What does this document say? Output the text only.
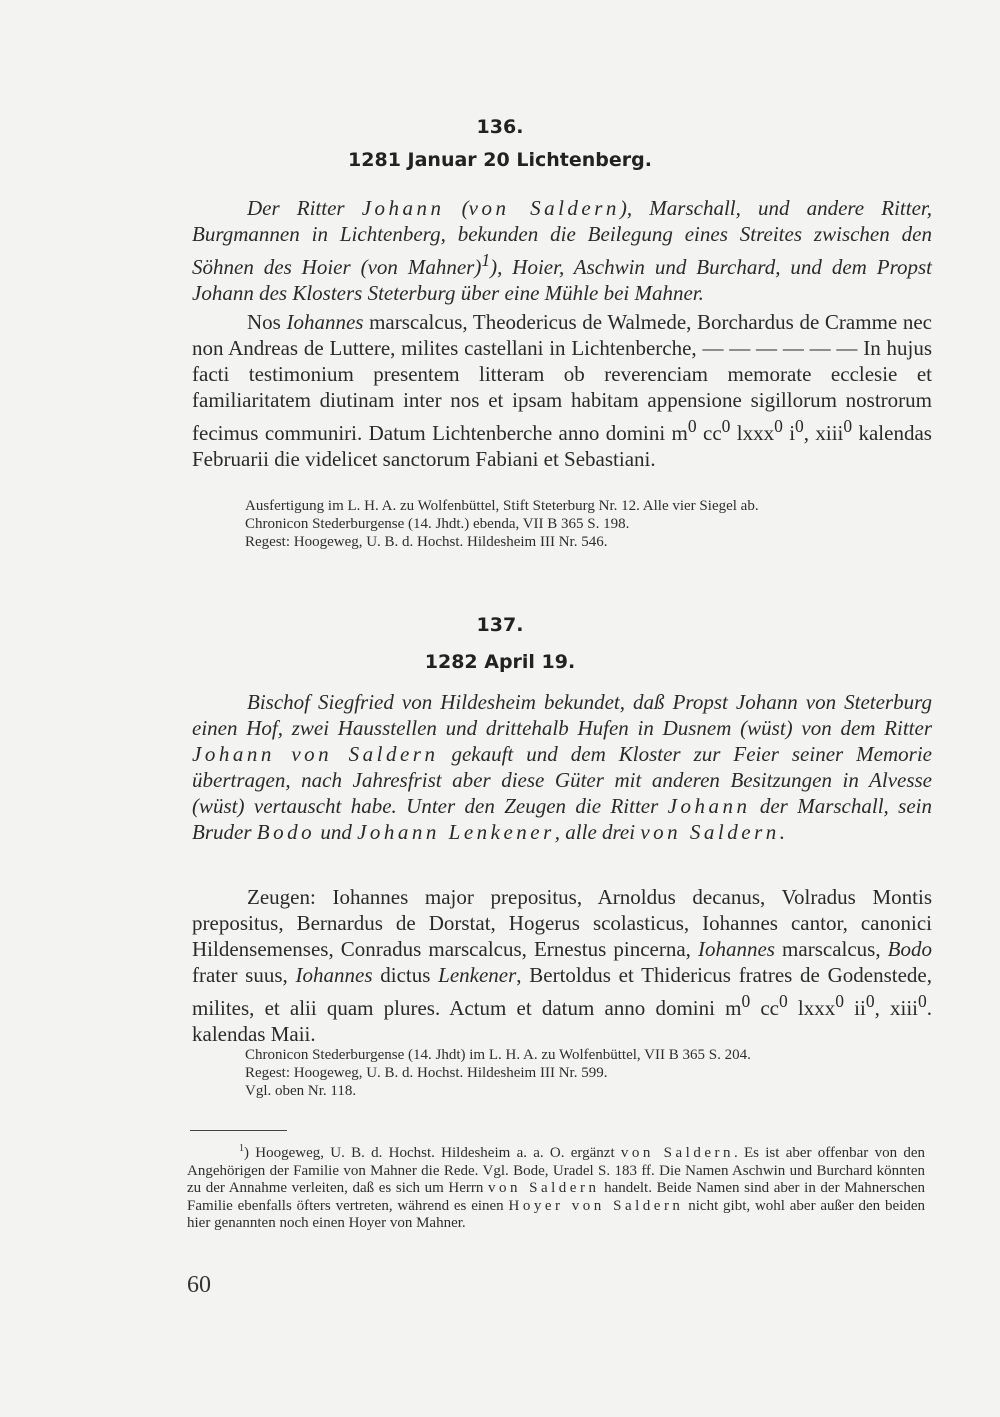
136.
1281 Januar 20 Lichtenberg.

Der Ritter Johann (von Saldern), Marschall, und andere Ritter, Burgmannen in Lichtenberg, bekunden die Beilegung eines Streites zwischen den Söhnen des Hoier (von Mahner)$^1$), Hoier, Aschwin und Burchard, und dem Propst Johann des Klosters Steterburg über eine Mühle bei Mahner.

Nos Iohannes marscalcus, Theodericus de Walmede, Borchardus de Cramme nec non Andreas de Luttere, milites castellani in Lichtenberche, — — — — — — In hujus facti testimonium presentem litteram ob reverenciam memorate ecclesie et familiaritatem diutinam inter nos et ipsam habitam appensione sigillorum nostrorum fecimus communiri. Datum Lichtenberche anno domini $m^0$ $cc^0$ lxxx$^0$ $i^0$, xiii$^0$ kalendas Februarii die videlicet sanctorum Fabiani et Sebastiani.

Ausfertigung im L. H. A. zu Wolfenbüttel, Stift Steterburg Nr. 12. Alle vier Siegel ab.
Chronicon Stederburgense (14. Jhdt.) ebenda, VII B 365 S. 198.
Regest: Hoogeweg, U. B. d. Hochst. Hildesheim III Nr. 546.
137.
1282 April 19.

Bischof Siegfried von Hildesheim bekundet, daß Propst Johann von Steterburg einen Hof, zwei Hausstellen und drittehalb Hufen in Dusnem (wüst) von dem Ritter Johann von Saldern gekauft und dem Kloster zur Feier seiner Memorie übertragen, nach Jahresfrist aber diese Güter mit anderen Besitzungen in Alvesse (wüst) vertauscht habe. Unter den Zeugen die Ritter Johann der Marschall, sein Bruder Bodo und Johann Lenkener, alle drei von Saldern.

Zeugen: Iohannes major prepositus, Arnoldus decanus, Volradus Montis prepositus, Bernardus de Dorstat, Hogerus scolasticus, Iohannes cantor, canonici Hildensemenses, Conradus marscalcus, Ernestus pincerna, Iohannes marscalcus, Bodo frater suus, Iohannes dictus Lenkener, Bertoldus et Thidericus fratres de Godenstede, milites, et alii quam plures. Actum et datum anno domini $m^0$ $cc^0$ lxxx$^0$ $ii^0$, xiii$^0$. kalendas Maii.

Chronicon Stederburgense (14. Jhdt) im L. H. A. zu Wolfenbüttel, VII B 365 S. 204.
Regest: Hoogeweg, U. B. d. Hochst. Hildesheim III Nr. 599.
Vgl. oben Nr. 118.

$^1$) Hoogeweg, U. B. d. Hochst. Hildesheim a. a. O. ergänzt von Saldern. Es ist aber offenbar von den Angehörigen der Familie von Mahner die Rede. Vgl. Bode, Uradel S. 183 ff. Die Namen Aschwin und Burchard könnten zu der Annahme verleiten, daß es sich um Herrn von Saldern handelt. Beide Namen sind aber in der Mahnerschen Familie ebenfalls öfters vertreten, während es einen Hoyer von Saldern nicht gibt, wohl aber außer den beiden hier genannten noch einen Hoyer von Mahner.

60
